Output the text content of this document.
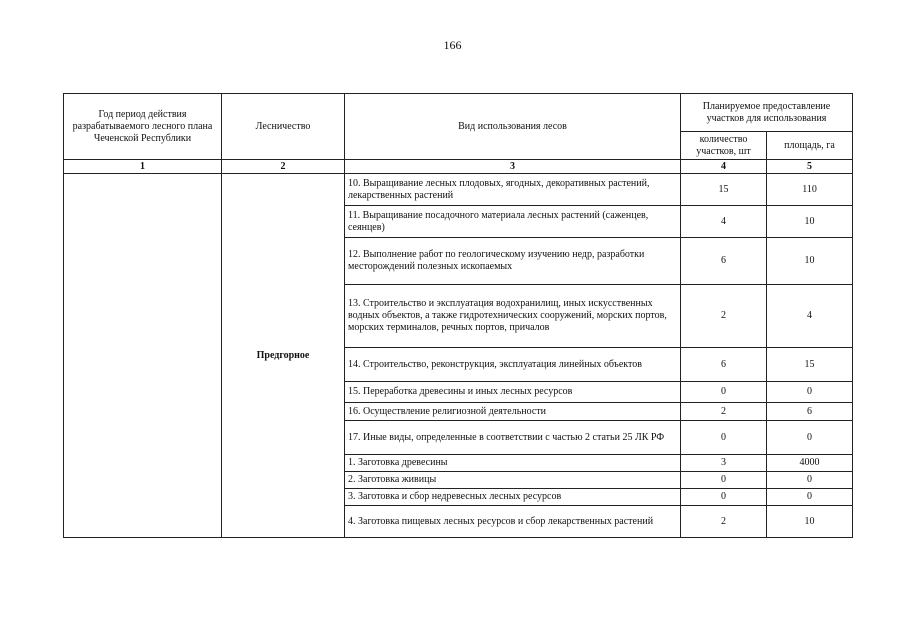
166
Год период действия разрабатываемого лесного плана Чеченской Республики	Лесничество	Вид использования лесов	Планируемое предоставление участков для использования	
			количество участков, шт	площадь, га
1	2	3	4	5
	Предгорное	10. Выращивание лесных плодовых, ягодных, декоративных растений, лекарственных растений	15	110
		11. Выращивание посадочного материала лесных растений (саженцев, сеянцев)	4	10
		12. Выполнение работ по геологическому изучению недр, разработки месторождений полезных ископаемых	6	10
		13. Строительство и эксплуатация водохранилищ, иных искусственных водных объектов, а также гидротехнических сооружений, морских портов, морских терминалов, речных портов, причалов	2	4
		14. Строительство, реконструкция, эксплуатация линейных объектов	6	15
		15. Переработка древесины и иных лесных ресурсов	0	0
		16. Осуществление религиозной деятельности	2	6
		17. Иные виды, определенные в соответствии с частью 2 статьи 25 ЛК РФ	0	0
		1. Заготовка древесины	3	4000
		2. Заготовка живицы	0	0
		3. Заготовка и сбор недревесных лесных ресурсов	0	0
		4. Заготовка пищевых лесных ресурсов и сбор лекарственных растений	2	10
